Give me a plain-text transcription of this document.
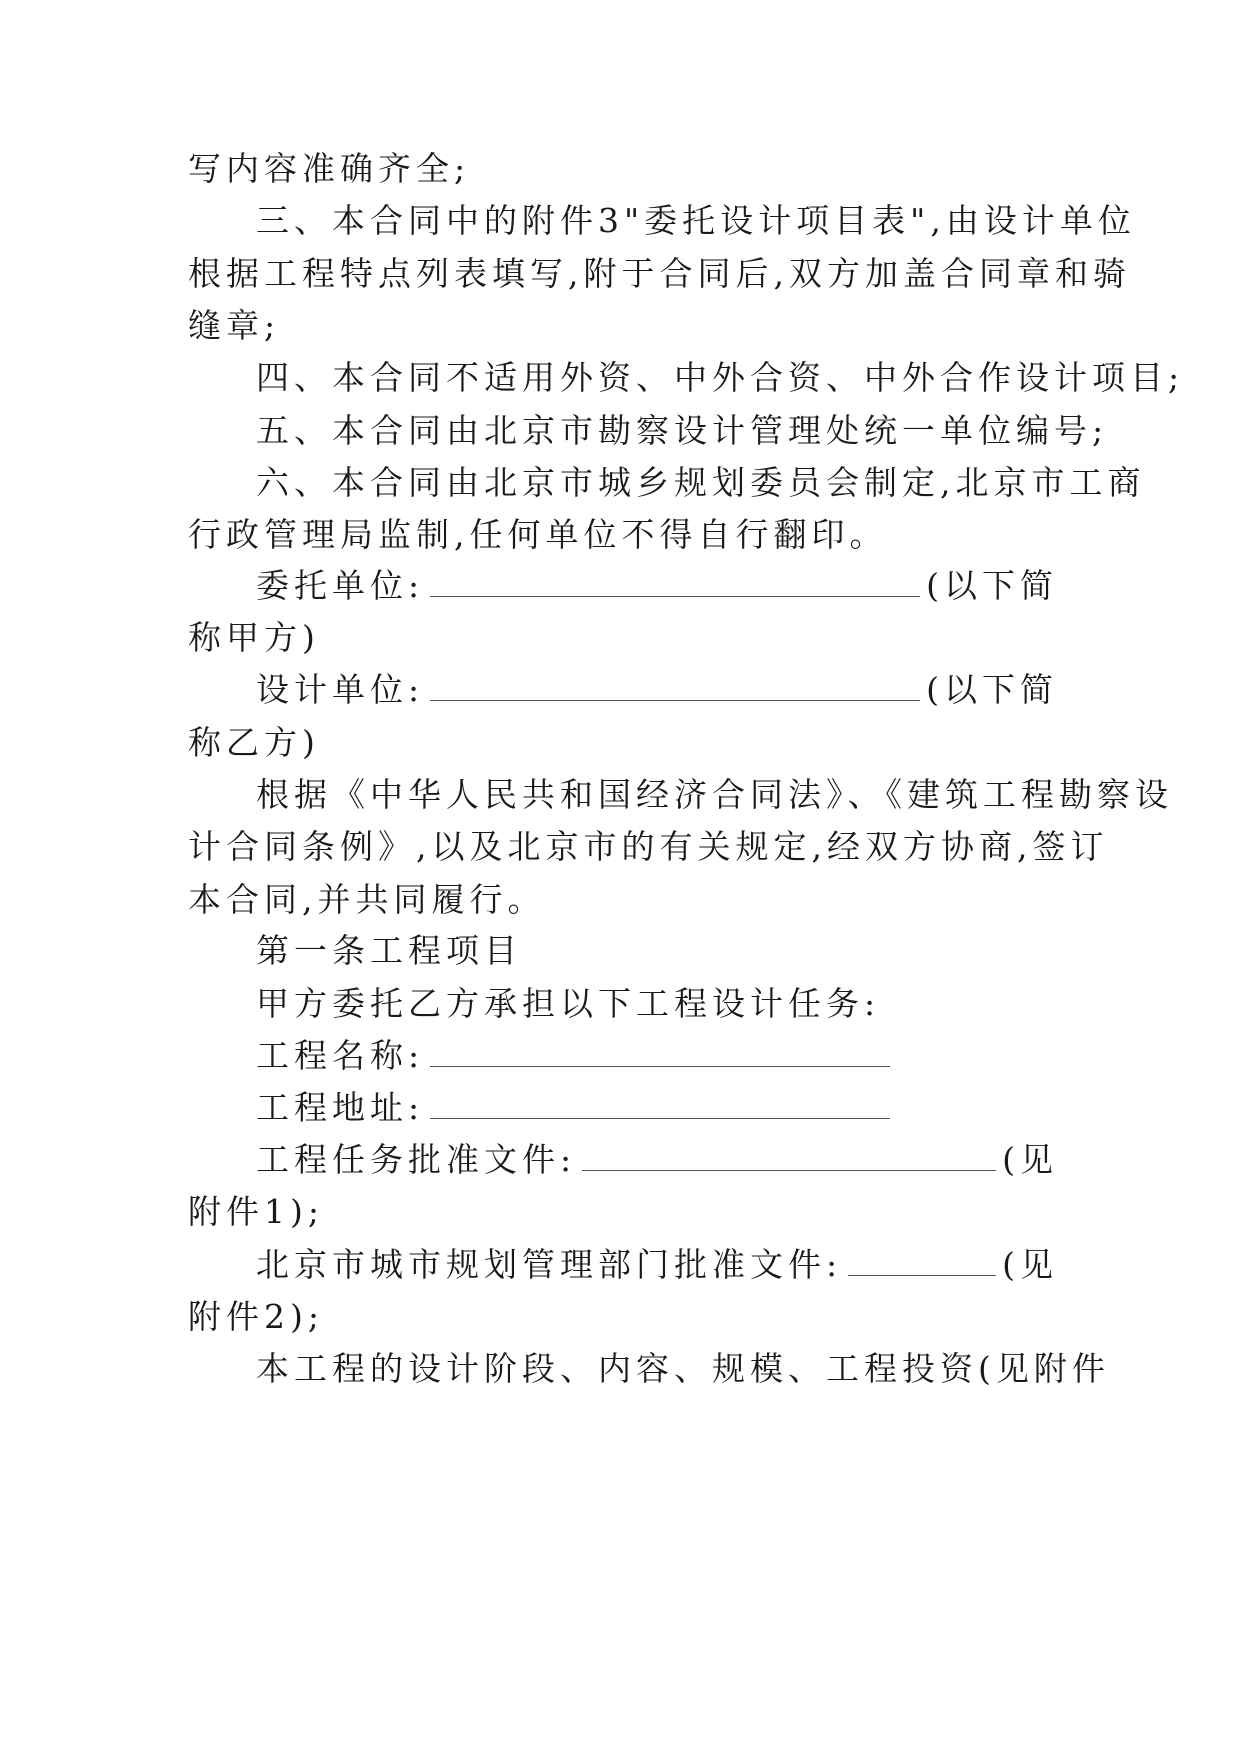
写内容准确齐全;
三、本合同中的附件3"委托设计项目表",由设计单位
根据工程特点列表填写,附于合同后,双方加盖合同章和骑
缝章;
四、本合同不适用外资、中外合资、中外合作设计项目;
五、本合同由北京市勘察设计管理处统一单位编号;
六、本合同由北京市城乡规划委员会制定,北京市工商
行政管理局监制,任何单位不得自行翻印。
委托单位:	(以下简
称甲方)
设计单位:	(以下简
称乙方)
根据《中华人民共和国经济合同法》、《建筑工程勘察设
计合同条例》,以及北京市的有关规定,经双方协商,签订
本合同,并共同履行。
第一条工程项目
甲方委托乙方承担以下工程设计任务:
工程名称:
工程地址:
工程任务批准文件:	(见
附件1);
北京市城市规划管理部门批准文件:	(见
附件2);
本工程的设计阶段、内容、规模、工程投资(见附件
